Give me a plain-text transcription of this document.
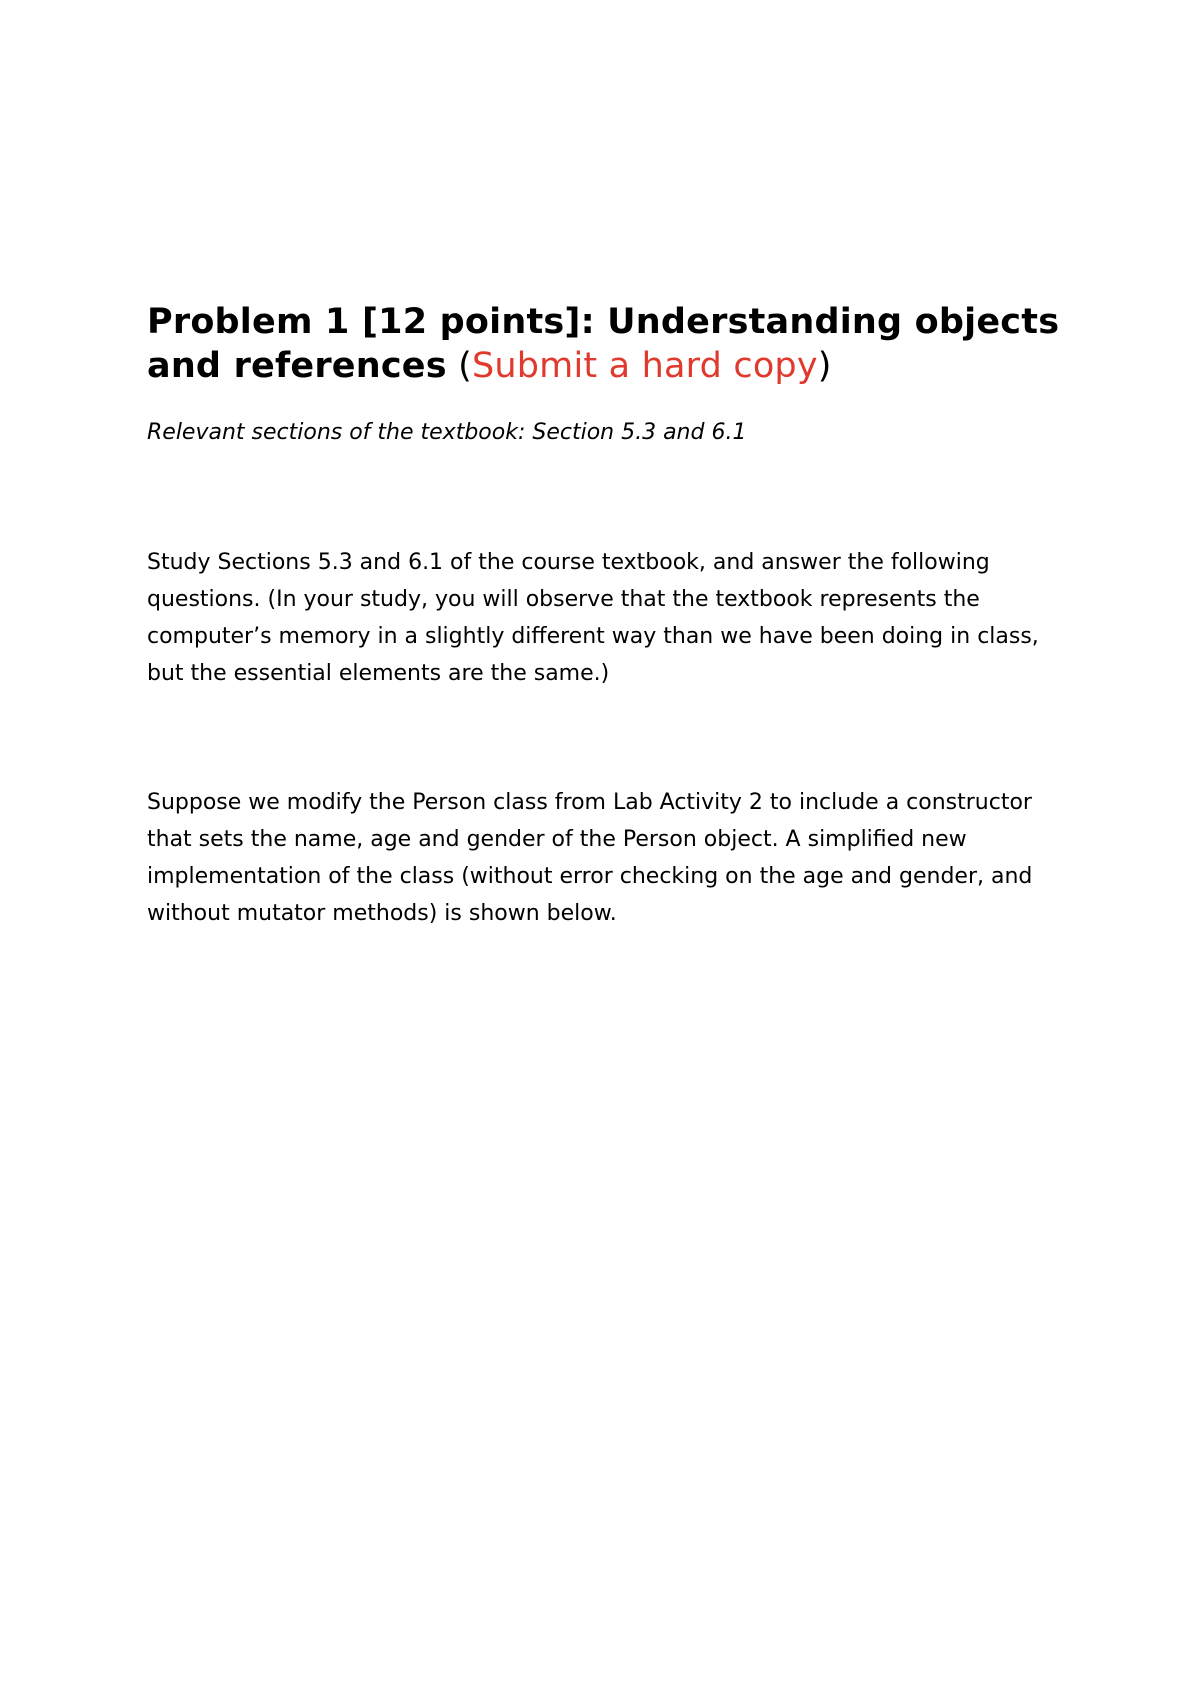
Problem 1 [12 points]: Understanding objects and references (Submit a hard copy)

Relevant sections of the textbook: Section 5.3 and 6.1

Study Sections 5.3 and 6.1 of the course textbook, and answer the following questions. (In your study, you will observe that the textbook represents the computer’s memory in a slightly different way than we have been doing in class, but the essential elements are the same.)

Suppose we modify the Person class from Lab Activity 2 to include a constructor that sets the name, age and gender of the Person object. A simplified new implementation of the class (without error checking on the age and gender, and without mutator methods) is shown below.
